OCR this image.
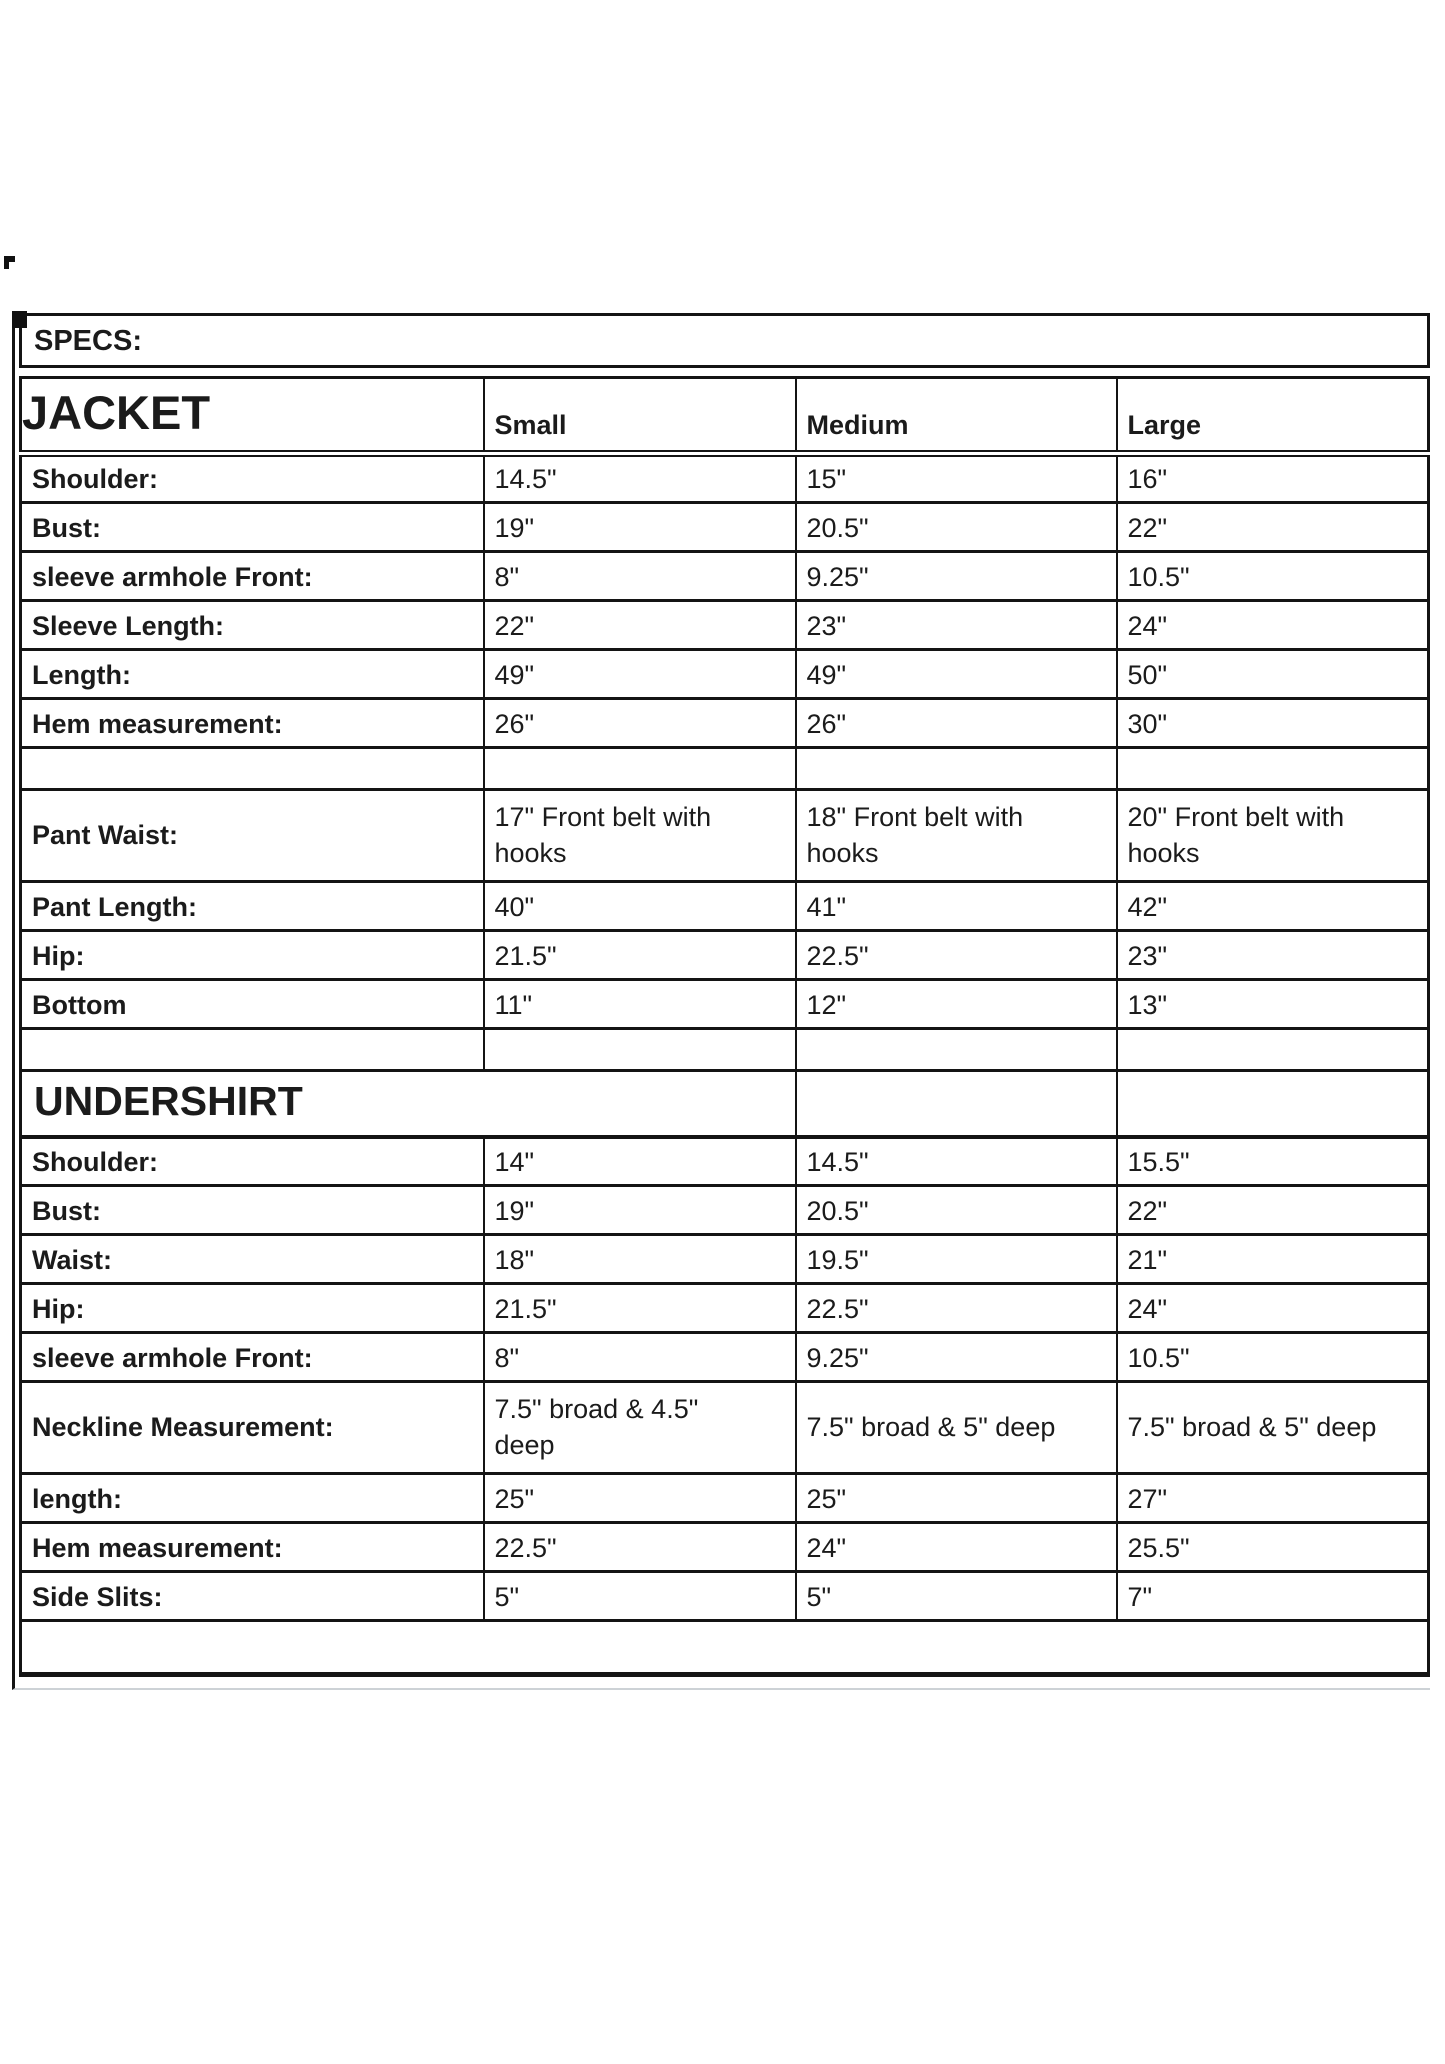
SPECS:
JACKET	Small	Medium	Large
Shoulder:	14.5"	15"	16"
Bust:	19"	20.5"	22"
sleeve armhole Front:	8"	9.25"	10.5"
Sleeve Length:	22"	23"	24"
Length:	49"	49"	50"
Hem measurement:	26"	26"	30"

Pant Waist:	17" Front belt with hooks	18" Front belt with hooks	20" Front belt with hooks
Pant Length:	40"	41"	42"
Hip:	21.5"	22.5"	23"
Bottom	11"	12"	13"

UNDERSHIRT			
Shoulder:	14"	14.5"	15.5"
Bust:	19"	20.5"	22"
Waist:	18"	19.5"	21"
Hip:	21.5"	22.5"	24"
sleeve armhole Front:	8"	9.25"	10.5"
Neckline Measurement:	7.5" broad & 4.5" deep	7.5" broad & 5" deep	7.5" broad & 5" deep
length:	25"	25"	27"
Hem measurement:	22.5"	24"	25.5"
Side Slits:	5"	5"	7"
